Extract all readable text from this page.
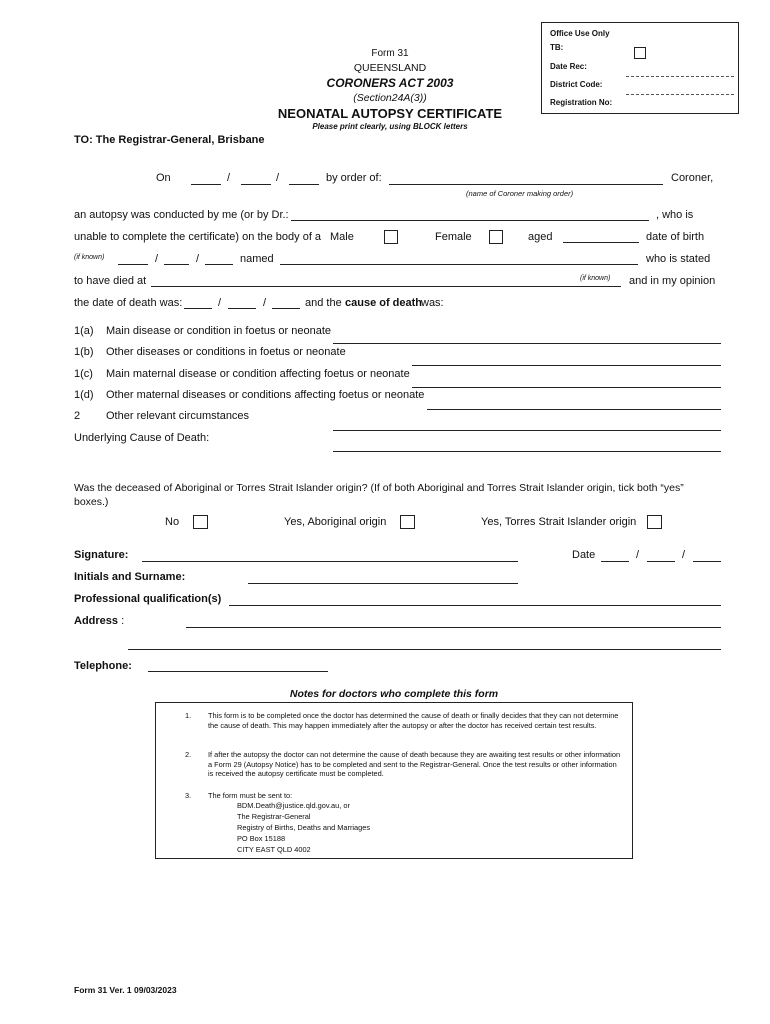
Office Use Only
TB:
Date Rec:
District Code:
Registration No:
Form 31
QUEENSLAND
CORONERS ACT 2003
(Section24A(3))
NEONATAL AUTOPSY CERTIFICATE
Please print clearly, using BLOCK letters
TO: The Registrar-General, Brisbane
On	/	/	by order of:	Coroner,
(name of Coroner making order)
an autopsy was conducted by me (or by Dr.:	, who is
unable to complete the certificate) on the body of a Male	Female	aged	date of birth
(if known)	/	/	named	who is stated
to have died at	(if known) and in my opinion
the date of death was:	/	/	and the cause of death
was:
1(a) Main disease or condition in foetus or neonate
1(b) Other diseases or conditions in foetus or neonate
1(c) Main maternal disease or condition affecting foetus or neonate
1(d) Other maternal diseases or conditions affecting foetus or neonate
2 Other relevant circumstances
Underlying Cause of Death:
Was the deceased of Aboriginal or Torres Strait Islander origin? (If of both Aboriginal and Torres Strait Islander origin, tick both “yes”
boxes.)
No	Yes, Aboriginal origin	Yes, Torres Strait Islander origin
Signature:	Date	/	/
Initials and Surname:
Professional qualification(s)
Address :
Telephone:
Notes for doctors who complete this form
1. This form is to be completed once the doctor has determined the cause of death or finally decides that they can not determine the cause of death. This may happen immediately after the autopsy or after the doctor has received certain test results.
2. If after the autopsy the doctor can not determine the cause of death because they are awaiting test results or other information a Form 29 (Autopsy Notice) has to be completed and sent to the Registrar-General. Once the test results or other information is received the autopsy certificate must be completed.
3. The form must be sent to:
BDM.Death@justice.qld.gov.au, or
The Registrar-General
Registry of Births, Deaths and Marriages
PO Box 15188
CITY EAST QLD 4002
Form 31 Ver. 1 09/03/2023
